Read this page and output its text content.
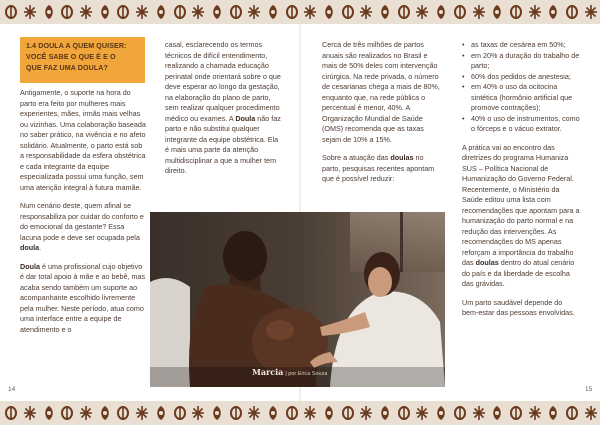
1.4 DOULA A QUEM QUISER:

VOCÊ SABE O QUE É E O

QUE FAZ UMA DOULA?

Antigamente, o suporte na hora do parto era feito por mulheres mais experientes, mães, irmãs mais velhas ou vizinhas. Uma colaboração baseada no saber prático, na vivência e no afeto solidário. Atualmente, o parto está sob a responsabilidade da esfera obstétrica e cada integrante da equipe especializada possui uma função, sem uma atenção integral à futura mamãe.

Num cenário deste, quem afinal se responsabiliza por cuidar do conforto e do emocional da gestante? Essa lacuna pode e deve ser ocupada pela doula.

Doula é uma profissional cujo objetivo é dar total apoio à mãe e ao bebê, mas acaba sendo também um suporte ao acompanhante escolhido livremente pela mulher. Neste período, atua como uma interface entre a equipe de atendimento e o

casal, esclarecendo os termos técnicos de difícil entendimento, realizando a chamada educação perinatal onde orientará sobre o que deve esperar ao longo da gestação, na elaboração do plano de parto, sem realizar qualquer procedimento médico ou exames. A Doula não faz parto e não substitui qualquer integrante da equipe obstétrica. Ela é mais uma parte da atenção multidisciplinar a que a mulher tem direito.

Cerca de três milhões de partos anuais são realizados no Brasil e mais de 50% deles com intervenção cirúrgica. Na rede privada, o número de cesarianas chega a mais de 80%, enquanto que, na rede pública o percentual é menor, 40%. A Organização Mundial de Saúde (OMS) recomenda que as taxas sejam de 10% a 15%.

Sobre a atuação das doulas no parto, pesquisas recentes apontam que é possível reduzir:

• as taxas de cesárea em 50%;
• em 20% a duração do trabalho de parto;
• 60% dos pedidos de anestesia;
• em 40% o uso da ocitocina sintética (hormônio artificial que promove contrações);
• 40% o uso de instrumentos, como o fórceps e o vácuo extrator.

A prática vai ao encontro das diretrizes do programa Humaniza SUS – Política Nacional de Humanização do Governo Federal. Recentemente, o Ministério da Saúde editou uma lista com recomendações que apontam para a humanização do parto normal e na redução das intervenções. As recomendações do MS apenas reforçam a importância do trabalho das doulas dentro do atual cenário do país e da liberdade de escolha das grávidas.

Um parto saudável depende do bem-estar das pessoas envolvidas.

Marcia | por Erica Souza
14	15
